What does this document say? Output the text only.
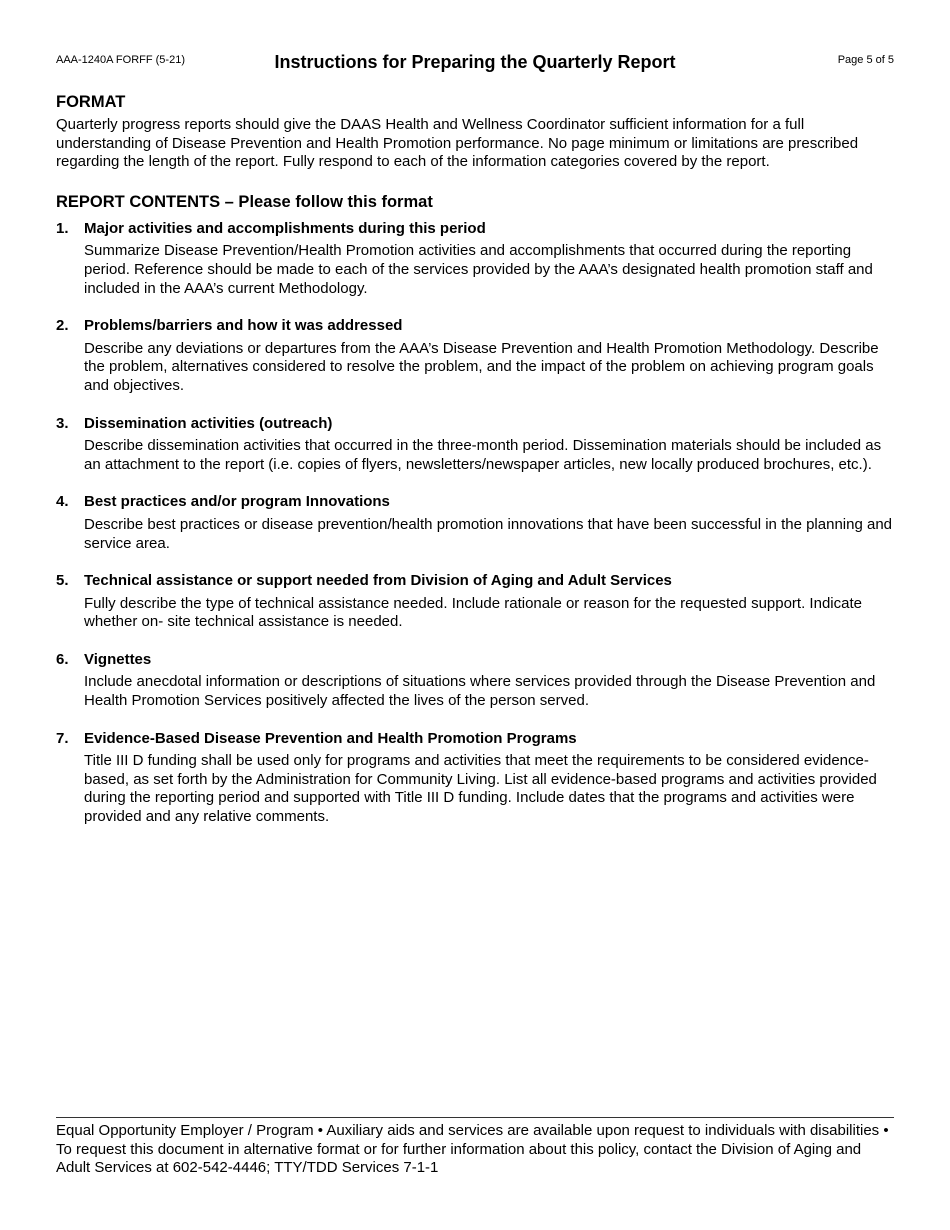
AAA-1240A FORFF (5-21)	Instructions for Preparing the Quarterly Report	Page 5 of 5
FORMAT

Quarterly progress reports should give the DAAS Health and Wellness Coordinator sufficient information for a full understanding of Disease Prevention and Health Promotion performance. No page minimum or limitations are prescribed regarding the length of the report. Fully respond to each of the information categories covered by the report.

REPORT CONTENTS – Please follow this format
1. Major activities and accomplishments during this period

Summarize Disease Prevention/Health Promotion activities and accomplishments that occurred during the reporting period. Reference should be made to each of the services provided by the AAA’s designated health promotion staff and included in the AAA’s current Methodology.

2. Problems/barriers and how it was addressed

Describe any deviations or departures from the AAA’s Disease Prevention and Health Promotion Methodology. Describe the problem, alternatives considered to resolve the problem, and the impact of the problem on achieving program goals and objectives.

3. Dissemination activities (outreach)

Describe dissemination activities that occurred in the three-month period. Dissemination materials should be included as an attachment to the report (i.e. copies of flyers, newsletters/newspaper articles, new locally produced brochures, etc.).

4. Best practices and/or program Innovations

Describe best practices or disease prevention/health promotion innovations that have been successful in the planning and service area.

5. Technical assistance or support needed from Division of Aging and Adult Services

Fully describe the type of technical assistance needed. Include rationale or reason for the requested support. Indicate whether on- site technical assistance is needed.

6. Vignettes

Include anecdotal information or descriptions of situations where services provided through the Disease Prevention and Health Promotion Services positively affected the lives of the person served.

7. Evidence-Based Disease Prevention and Health Promotion Programs

Title III D funding shall be used only for programs and activities that meet the requirements to be considered evidence-based, as set forth by the Administration for Community Living. List all evidence-based programs and activities provided during the reporting period and supported with Title III D funding. Include dates that the programs and activities were provided and any relative comments.

Equal Opportunity Employer / Program • Auxiliary aids and services are available upon request to individuals with disabilities • To request this document in alternative format or for further information about this policy, contact the Division of Aging and Adult Services at 602-542-4446; TTY/TDD Services 7-1-1
